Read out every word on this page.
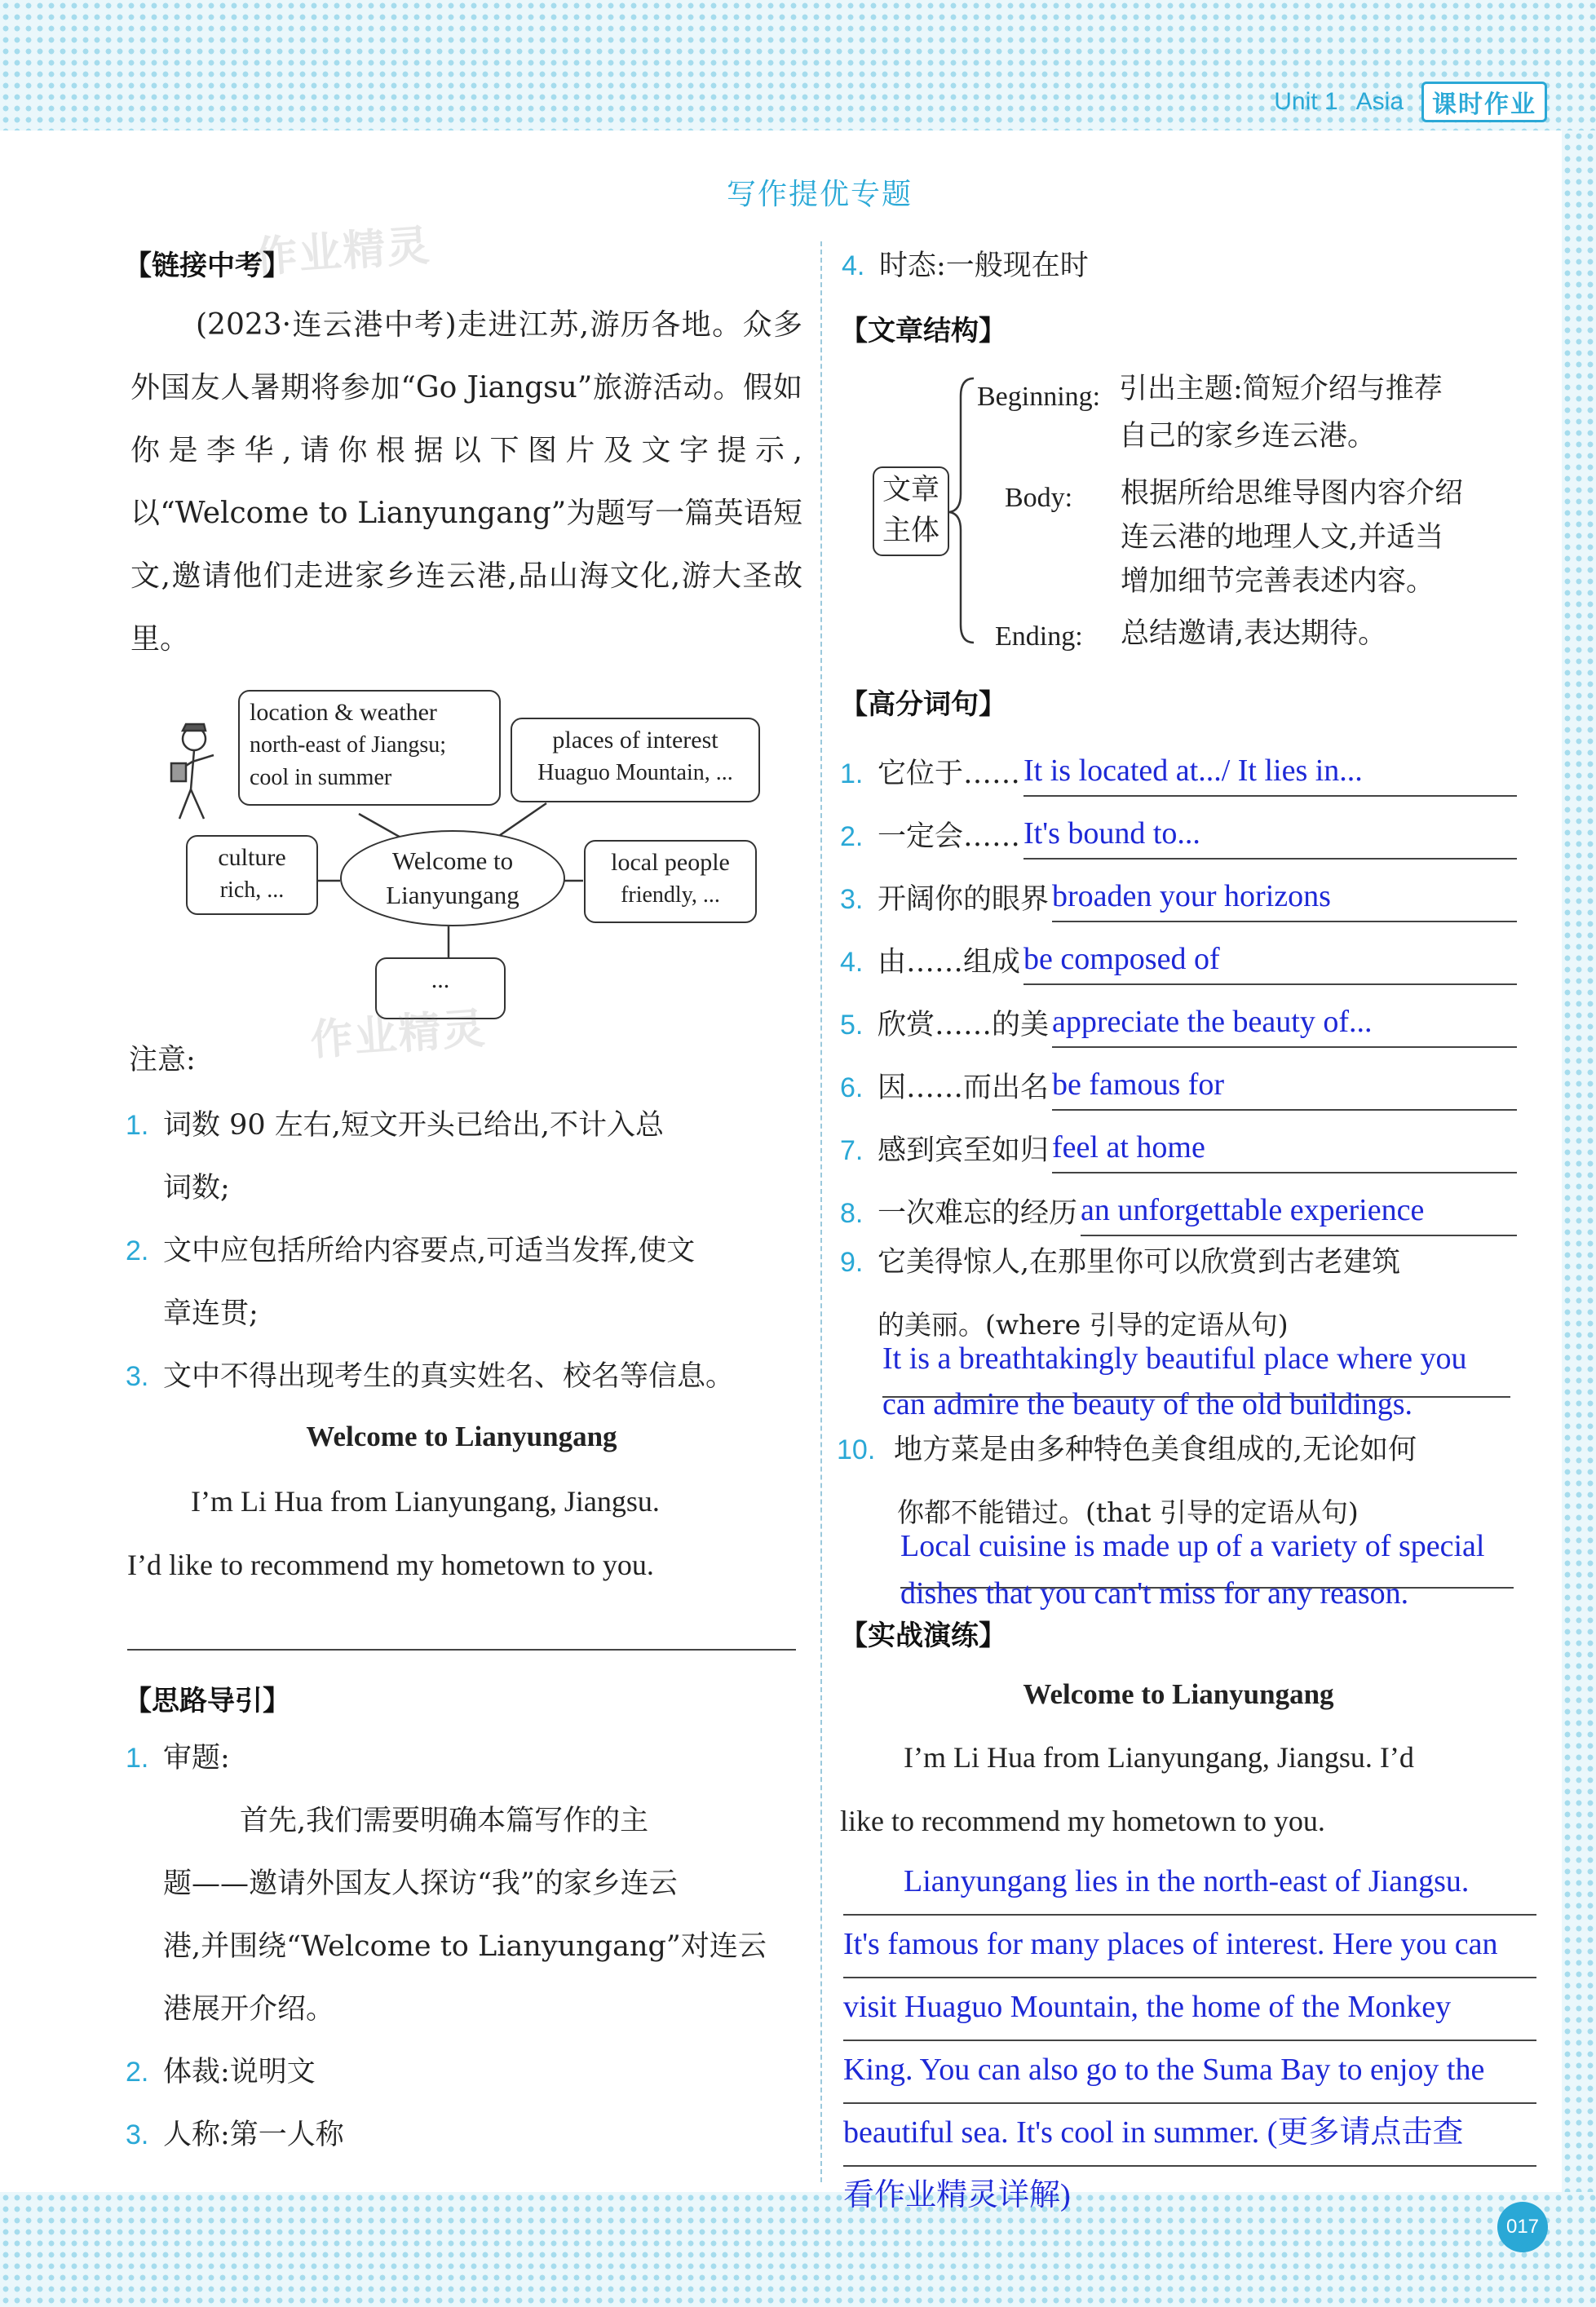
Unit 1 Asia	课时作业
写作提优专题
【链接中考】
作业精灵
(2023·连云港中考)走进江苏,游历各地。众多外国友人暑期将参加“Go Jiangsu”旅游活动。假如你是李华,请你根据以下图片及文字提示,以“Welcome to Lianyungang”为题写一篇英语短文,邀请他们走进家乡连云港,品山海文化,游大圣故里。
location & weather
north-east of Jiangsu;
cool in summer
places of interest
Huaguo Mountain, ...
culture
rich, ...
Welcome to
Lianyungang
local people
friendly, ...
...
作业精灵
注意:
1. 词数 90 左右,短文开头已给出,不计入总
词数;
2. 文中应包括所给内容要点,可适当发挥,使文
章连贯;
3. 文中不得出现考生的真实姓名、校名等信息。
Welcome to Lianyungang
I’m Li Hua from Lianyungang, Jiangsu.
I’d like to recommend my hometown to you.
【思路导引】
1. 审题:
首先,我们需要明确本篇写作的主
题——邀请外国友人探访“我”的家乡连云
港,并围绕“Welcome to Lianyungang”对连云
港展开介绍。
2. 体裁:说明文
3. 人称:第一人称
4. 时态:一般现在时
【文章结构】
文章
主体
Beginning: 引出主题:简短介绍与推荐
自己的家乡连云港。
Body: 根据所给思维导图内容介绍
连云港的地理人文,并适当
增加细节完善表述内容。
Ending: 总结邀请,表达期待。
【高分词句】
1. 它位于…… It is located at.../ It lies in...
2. 一定会…… It's bound to...
3. 开阔你的眼界 broaden your horizons
4. 由……组成 be composed of
5. 欣赏……的美 appreciate the beauty of...
6. 因……而出名 be famous for
7. 感到宾至如归 feel at home
8. 一次难忘的经历 an unforgettable experience
9. 它美得惊人,在那里你可以欣赏到古老建筑
的美丽。(where 引导的定语从句)
It is a breathtakingly beautiful place where you
can admire the beauty of the old buildings.
10. 地方菜是由多种特色美食组成的,无论如何
你都不能错过。(that 引导的定语从句)
Local cuisine is made up of a variety of special
dishes that you can't miss for any reason.
【实战演练】
Welcome to Lianyungang
I’m Li Hua from Lianyungang, Jiangsu. I’d
like to recommend my hometown to you.
Lianyungang lies in the north-east of Jiangsu.
It's famous for many places of interest. Here you can
visit Huaguo Mountain, the home of the Monkey
King. You can also go to the Suma Bay to enjoy the
beautiful sea. It's cool in summer. (更多请点击查
看作业精灵详解)
017
